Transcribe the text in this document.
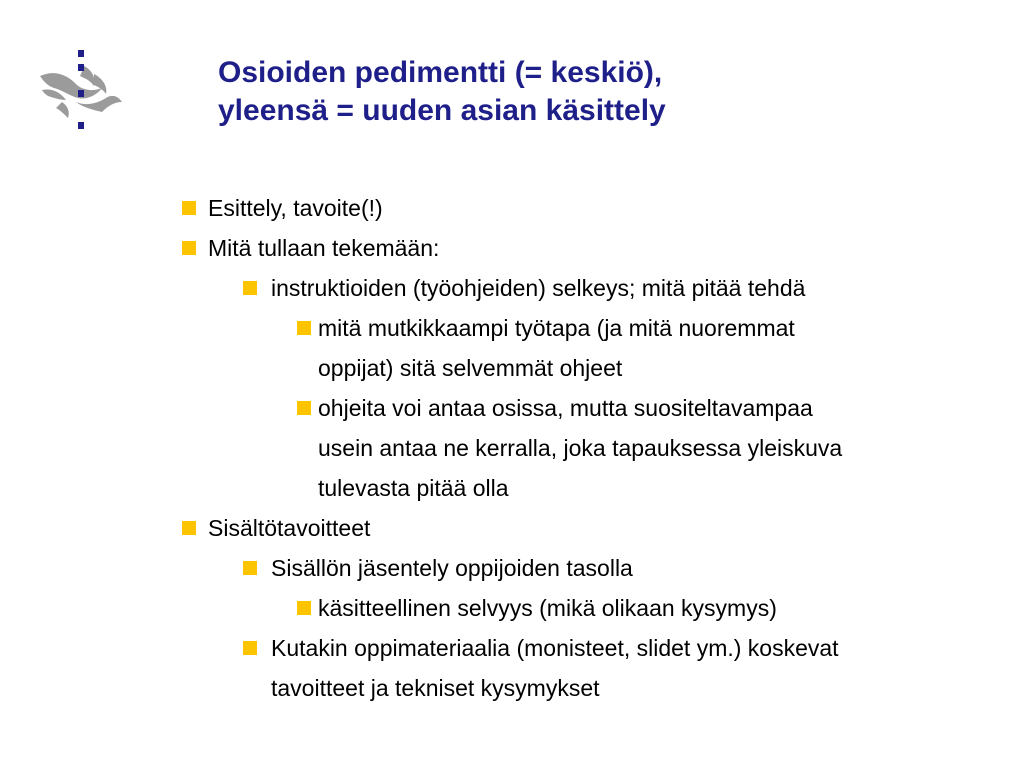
Osioiden pedimentti (= keskiö),
yleensä = uuden asian käsittely
Esittely, tavoite(!)
Mitä tullaan tekemään:
instruktioiden (työohjeiden) selkeys; mitä pitää tehdä
mitä mutkikkaampi työtapa (ja mitä nuoremmat
oppijat) sitä selvemmät ohjeet
ohjeita voi antaa osissa, mutta suositeltavampaa
usein antaa ne kerralla, joka tapauksessa yleiskuva
tulevasta pitää olla
Sisältötavoitteet
Sisällön jäsentely oppijoiden tasolla
käsitteellinen selvyys (mikä olikaan kysymys)
Kutakin oppimateriaalia (monisteet, slidet ym.) koskevat
tavoitteet ja tekniset kysymykset
